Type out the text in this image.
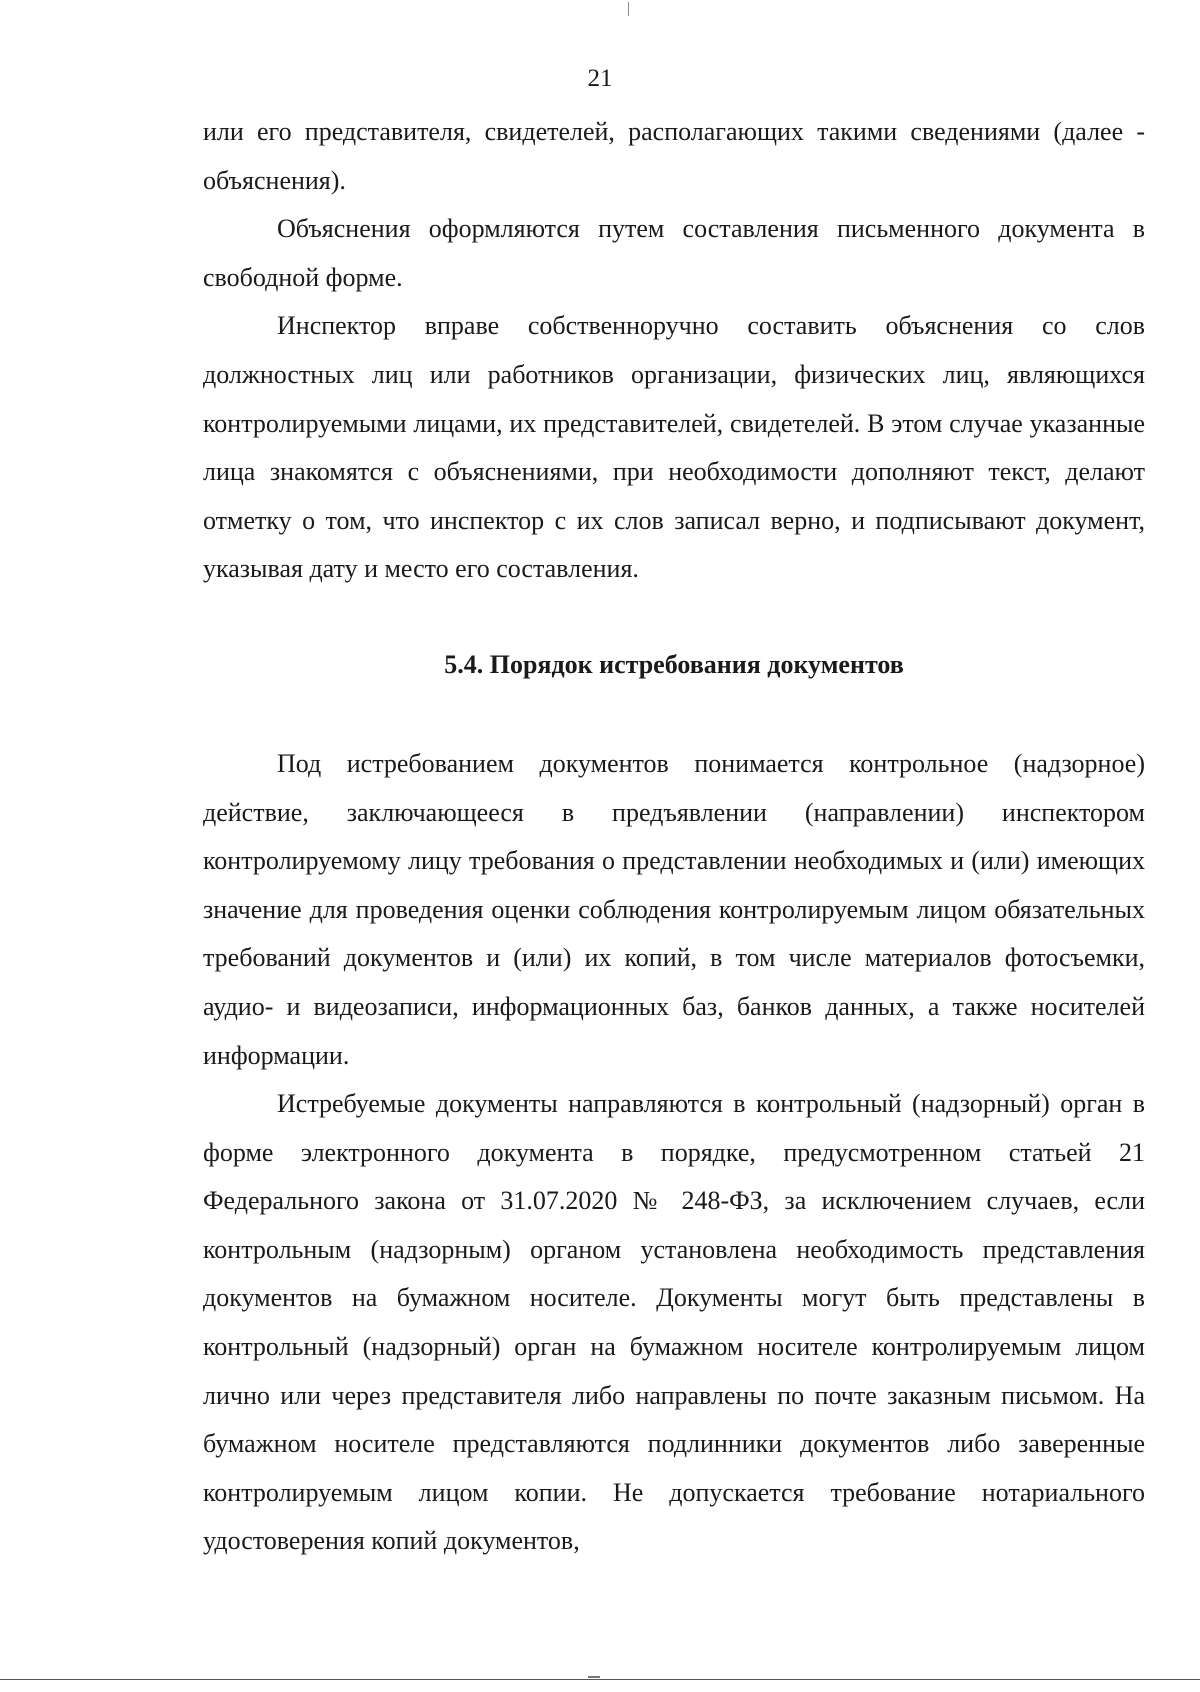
21

или его представителя, свидетелей, располагающих такими сведениями (далее - объяснения).

Объяснения оформляются путем составления письменного документа в свободной форме.

Инспектор вправе собственноручно составить объяснения со слов должностных лиц или работников организации, физических лиц, являющихся контролируемыми лицами, их представителей, свидетелей. В этом случае указанные лица знакомятся с объяснениями, при необходимости дополняют текст, делают отметку о том, что инспектор с их слов записал верно, и подписывают документ, указывая дату и место его составления.

5.4. Порядок истребования документов

Под истребованием документов понимается контрольное (надзорное) действие, заключающееся в предъявлении (направлении) инспектором контролируемому лицу требования о представлении необходимых и (или) имеющих значение для проведения оценки соблюдения контролируемым лицом обязательных требований документов и (или) их копий, в том числе материалов фотосъемки, аудио- и видеозаписи, информационных баз, банков данных, а также носителей информации.

Истребуемые документы направляются в контрольный (надзорный) орган в форме электронного документа в порядке, предусмотренном статьей 21 Федерального закона от 31.07.2020 № 248-ФЗ, за исключением случаев, если контрольным (надзорным) органом установлена необходимость представления документов на бумажном носителе. Документы могут быть представлены в контрольный (надзорный) орган на бумажном носителе контролируемым лицом лично или через представителя либо направлены по почте заказным письмом. На бумажном носителе представляются подлинники документов либо заверенные контролируемым лицом копии. Не допускается требование нотариального удостоверения копий документов,
